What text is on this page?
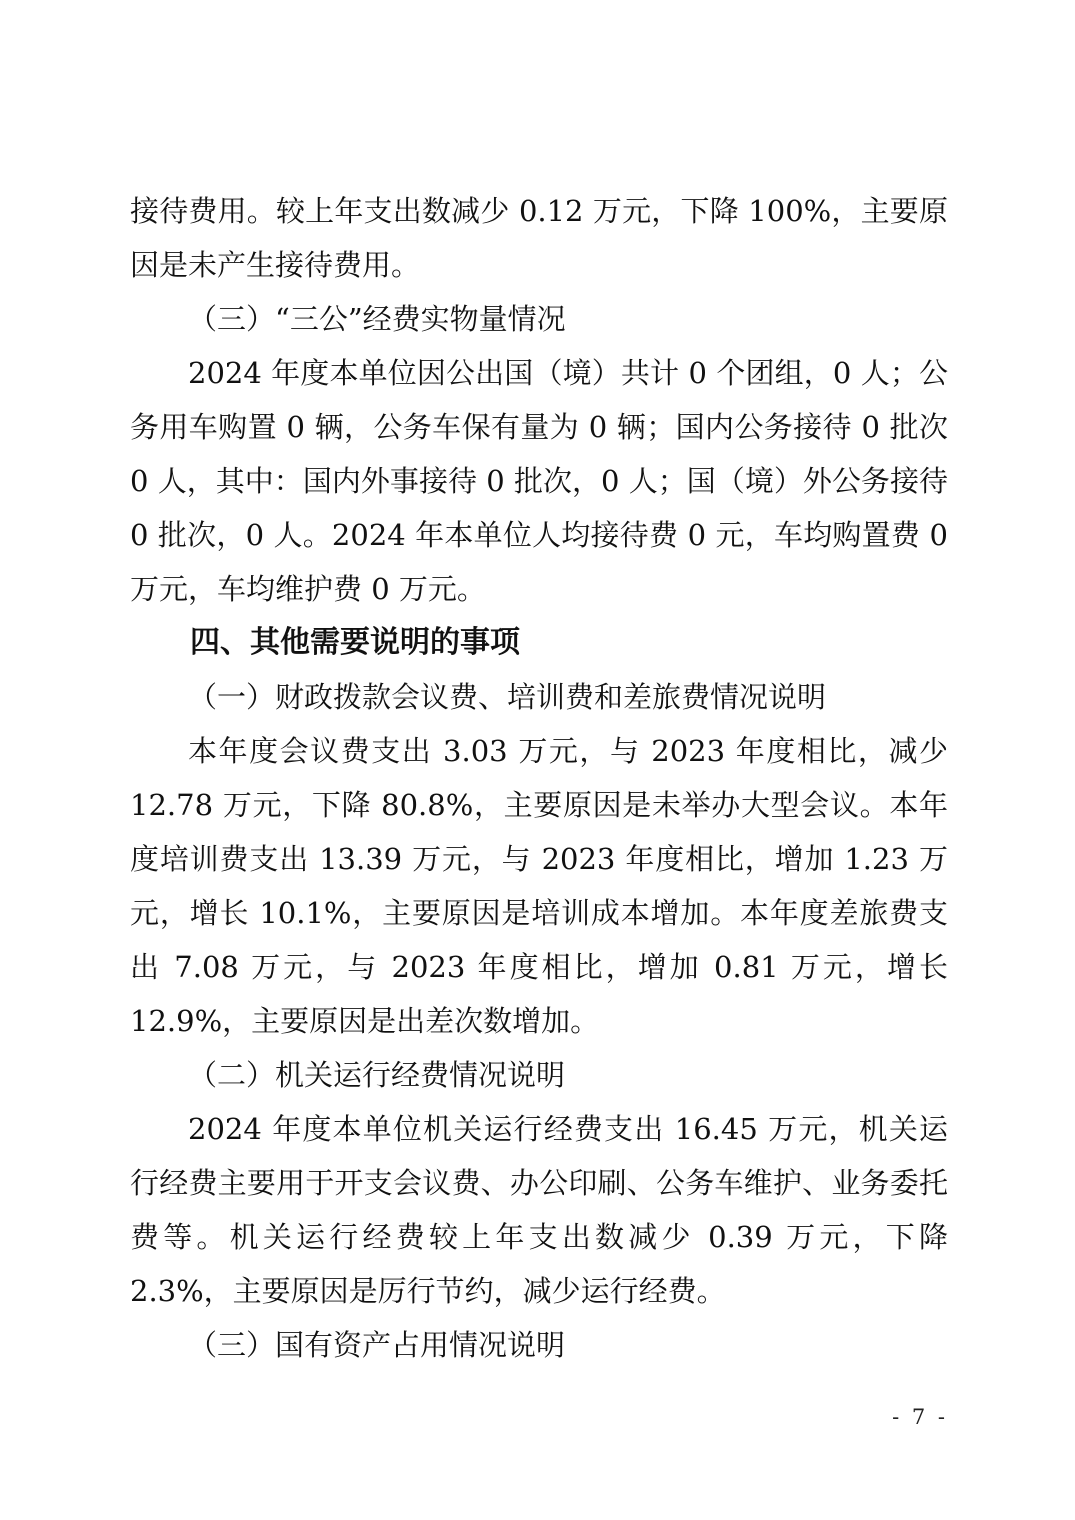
接待费用。较上年支出数减少 0.12 万元，下降 100%，主要原因是未产生接待费用。

（三）“三公”经费实物量情况

2024 年度本单位因公出国（境）共计 0 个团组，0 人；公务用车购置 0 辆，公务车保有量为 0 辆；国内公务接待 0 批次 0 人，其中：国内外事接待 0 批次，0 人；国（境）外公务接待 0 批次，0 人。2024 年本单位人均接待费 0 元，车均购置费 0 万元，车均维护费 0 万元。

四、其他需要说明的事项

（一）财政拨款会议费、培训费和差旅费情况说明

本年度会议费支出 3.03 万元，与 2023 年度相比，减少 12.78 万元，下降 80.8%，主要原因是未举办大型会议。本年度培训费支出 13.39 万元，与 2023 年度相比，增加 1.23 万元，增长 10.1%，主要原因是培训成本增加。本年度差旅费支出 7.08 万元，与 2023 年度相比，增加 0.81 万元，增长 12.9%，主要原因是出差次数增加。

（二）机关运行经费情况说明

2024 年度本单位机关运行经费支出 16.45 万元，机关运行经费主要用于开支会议费、办公印刷、公务车维护、业务委托费等。机关运行经费较上年支出数减少 0.39 万元，下降 2.3%，主要原因是厉行节约，减少运行经费。

（三）国有资产占用情况说明

- 7 -
